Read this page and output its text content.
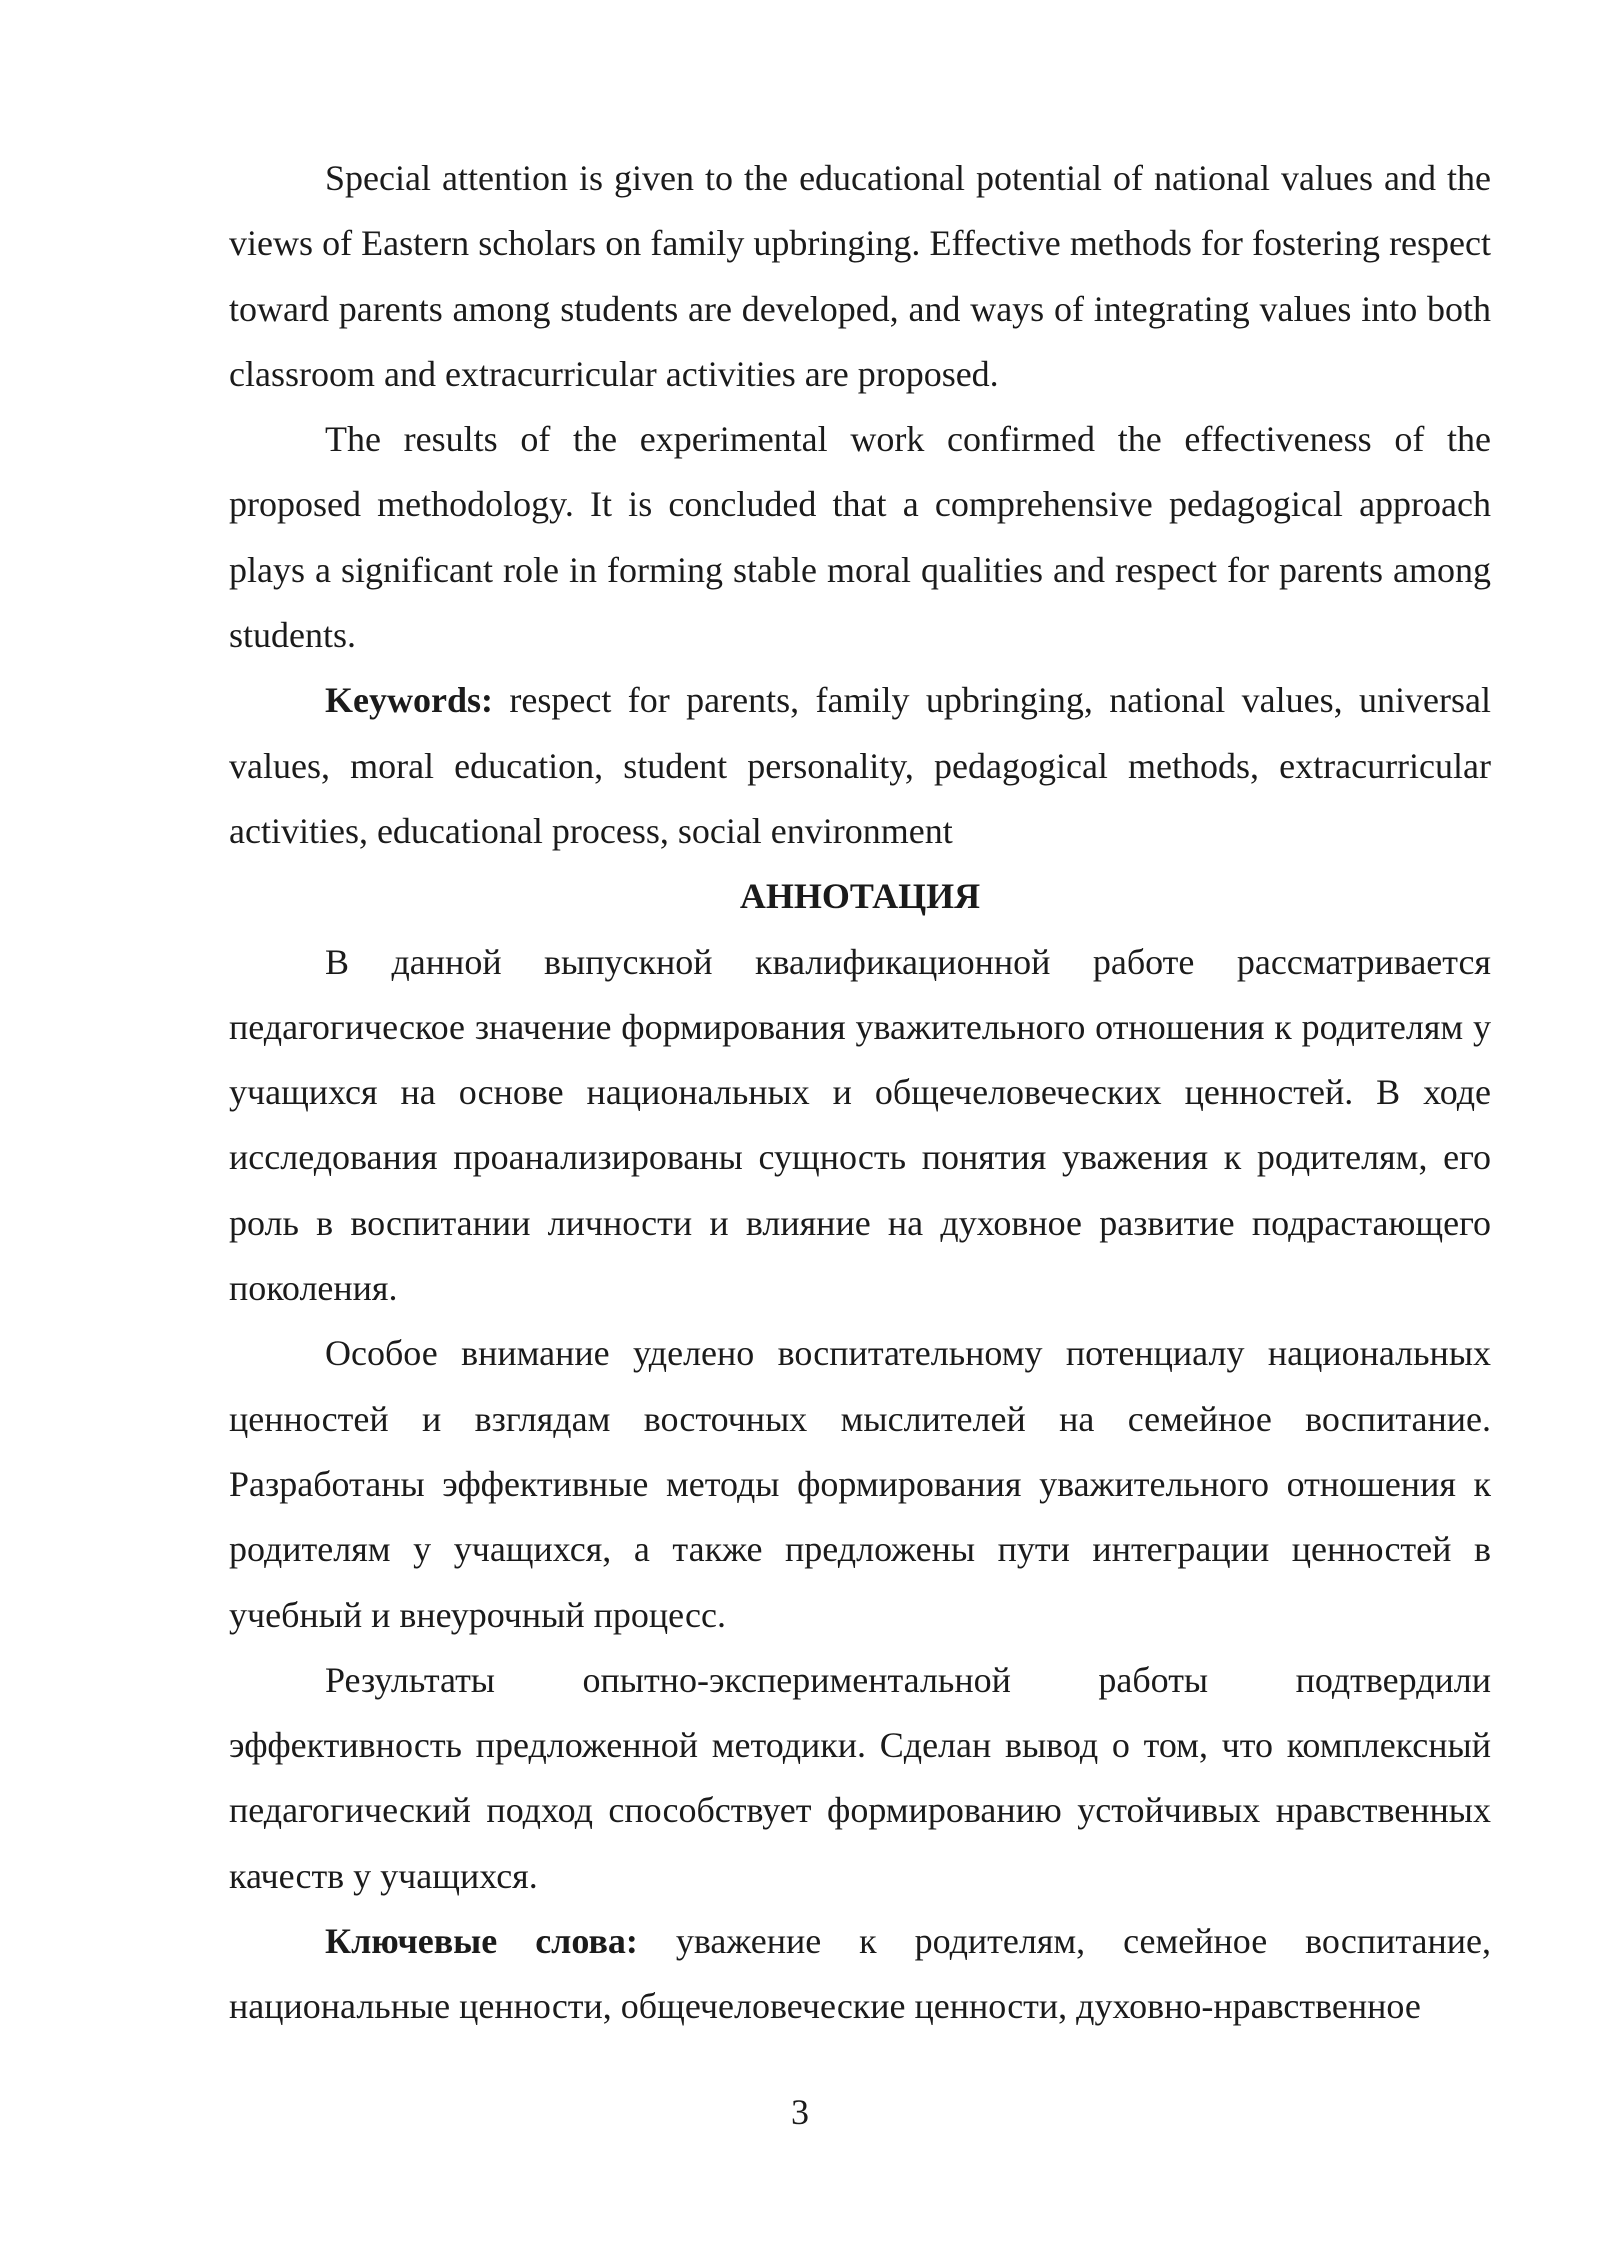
Special attention is given to the educational potential of national values and the views of Eastern scholars on family upbringing. Effective methods for fostering respect toward parents among students are developed, and ways of integrating values into both classroom and extracurricular activities are proposed.

The results of the experimental work confirmed the effectiveness of the proposed methodology. It is concluded that a comprehensive pedagogical approach plays a significant role in forming stable moral qualities and respect for parents among students.

Keywords: respect for parents, family upbringing, national values, universal values, moral education, student personality, pedagogical methods, extracurricular activities, educational process, social environment

АННОТАЦИЯ

В данной выпускной квалификационной работе рассматривается педагогическое значение формирования уважительного отношения к родителям у учащихся на основе национальных и общечеловеческих ценностей. В ходе исследования проанализированы сущность понятия уважения к родителям, его роль в воспитании личности и влияние на духовное развитие подрастающего поколения.

Особое внимание уделено воспитательному потенциалу национальных ценностей и взглядам восточных мыслителей на семейное воспитание. Разработаны эффективные методы формирования уважительного отношения к родителям у учащихся, а также предложены пути интеграции ценностей в учебный и внеурочный процесс.

Результаты опытно-экспериментальной работы подтвердили эффективность предложенной методики. Сделан вывод о том, что комплексный педагогический подход способствует формированию устойчивых нравственных качеств у учащихся.

Ключевые слова: уважение к родителям, семейное воспитание, национальные ценности, общечеловеческие ценности, духовно-нравственное

3
